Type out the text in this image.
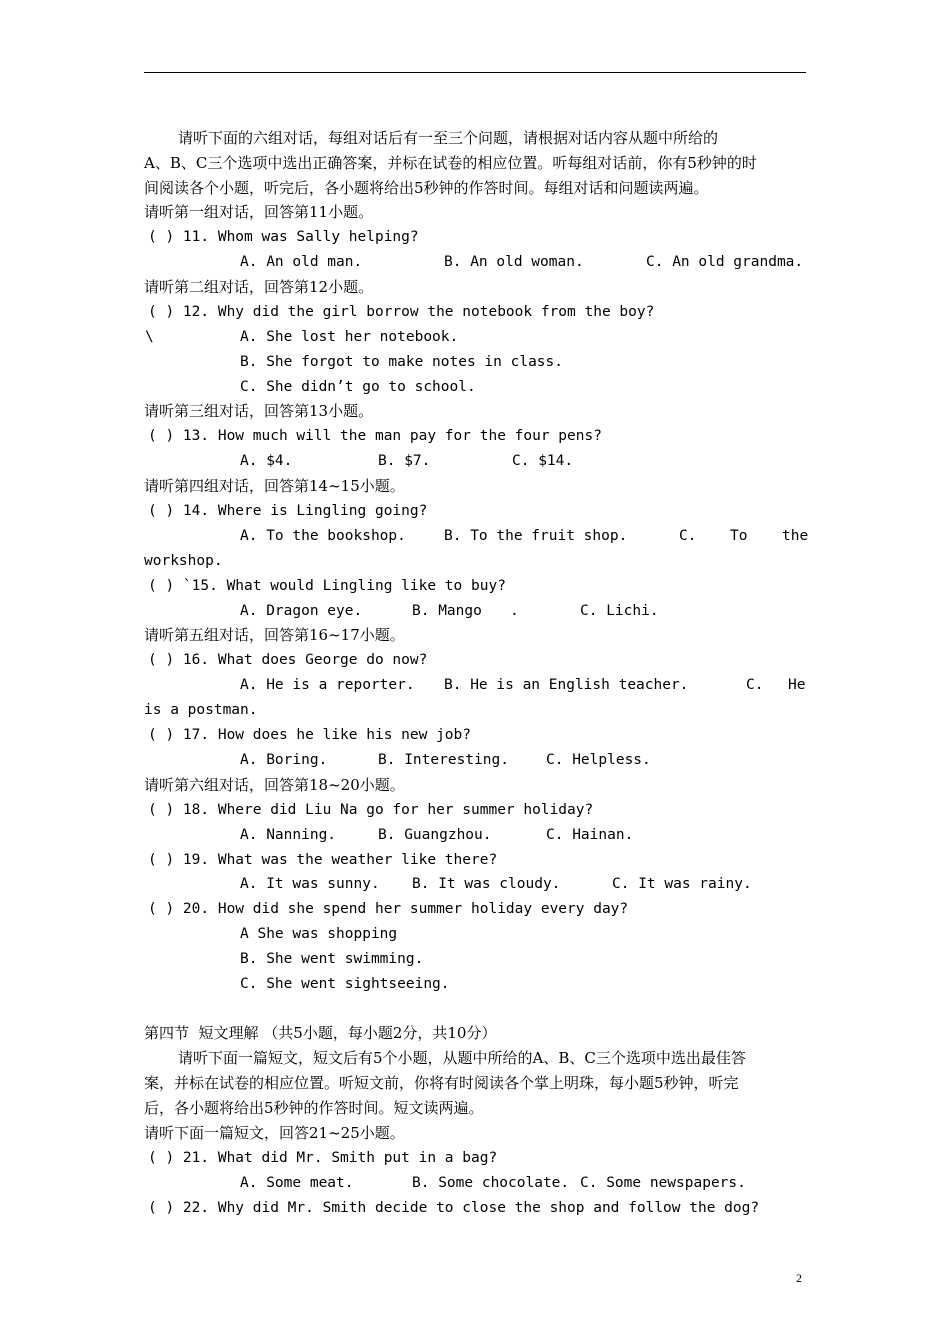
请听下面的六组对话，每组对话后有一至三个问题，请根据对话内容从题中所给的
A、B、C三个选项中选出正确答案，并标在试卷的相应位置。听每组对话前，你有5秒钟的时
间阅读各个小题，听完后，各小题将给出5秒钟的作答时间。每组对话和问题读两遍。
请听第一组对话，回答第11小题。
( ) 11. Whom was Sally helping?
A. An old man.	B. An old woman.	C. An old grandma.
请听第二组对话，回答第12小题。
( ) 12. Why did the girl borrow the notebook from the boy?
\	A. She lost her notebook.
B. She forgot to make notes in class.
C. She didn’t go to school.
请听第三组对话，回答第13小题。
( ) 13. How much will the man pay for the four pens?
A. $4.	B. $7.	C. $14.
请听第四组对话，回答第14~15小题。
( ) 14. Where is Lingling going?
A. To the bookshop.	B. To the fruit shop.	C. To the
workshop.
( ) `15. What would Lingling like to buy?
A. Dragon eye.	B. Mango .	C. Lichi.
请听第五组对话，回答第16~17小题。
( ) 16. What does George do now?
A. He is a reporter. B. He is an English teacher.	C. He
is a postman.
( ) 17. How does he like his new job?
A. Boring.	B. Interesting.	C. Helpless.
请听第六组对话，回答第18~20小题。
( ) 18. Where did Liu Na go for her summer holiday?
A. Nanning.	B. Guangzhou.	C. Hainan.
( ) 19. What was the weather like there?
A. It was sunny. B. It was cloudy.	C. It was rainy.
( ) 20. How did she spend her summer holiday every day?
A She was shopping
B. She went swimming.
C. She went sightseeing.
第四节  短文理解 （共5小题，每小题2分，共10分）
请听下面一篇短文，短文后有5个小题，从题中所给的A、B、C三个选项中选出最佳答
案，并标在试卷的相应位置。听短文前，你将有时阅读各个掌上明珠，每小题5秒钟，听完
后，各小题将给出5秒钟的作答时间。短文读两遍。
请听下面一篇短文，回答21~25小题。
( ) 21. What did Mr. Smith put in a bag?
A. Some meat.	B. Some chocolate. C. Some newspapers.
( ) 22. Why did Mr. Smith decide to close the shop and follow the dog?
2
